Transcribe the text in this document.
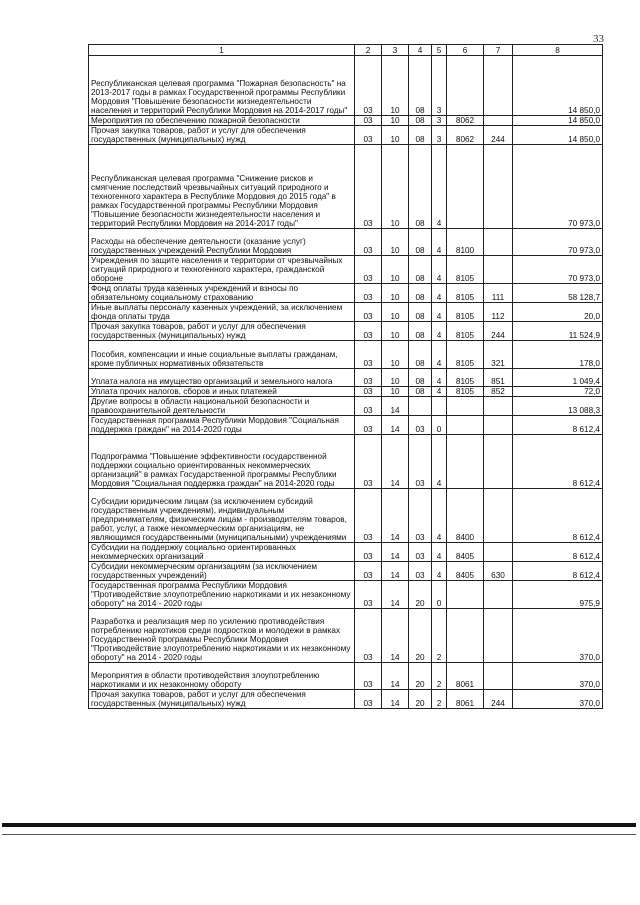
33
1	2	3	4	5	6	7	8
Республиканская целевая программа "Пожарная безопасность" на 2013-2017 годы в рамках Государственной программы Республики Мордовия "Повышение безопасности жизнедеятельности населения и территорий Республики Мордовия на 2014-2017 годы"	03	10	08	3			14 850,0
Мероприятия по обеспечению пожарной безопасности	03	10	08	3	8062		14 850,0
Прочая закупка товаров, работ и услуг для обеспечения государственных (муниципальных) нужд	03	10	08	3	8062	244	14 850,0
Республиканская целевая программа "Снижение рисков и смягчение последствий чрезвычайных ситуаций природного и техногенного характера в Республике Мордовия до 2015 года" в рамках Государственной программы Республики Мордовия "Повышение безопасности жизнедеятельности населения и территорий Республики Мордовия на 2014-2017 годы"	03	10	08	4			70 973,0
Расходы на обеспечение деятельности (оказание услуг) государственных учреждений Республики Мордовия	03	10	08	4	8100		70 973,0
Учреждения по защите населения и территории от чрезвычайных ситуаций природного и техногенного характера, гражданской обороне	03	10	08	4	8105		70 973,0
Фонд оплаты труда казенных учреждений и взносы по обязательному социальному страхованию	03	10	08	4	8105	111	58 128,7
Иные выплаты персоналу казенных учреждений, за исключением фонда оплаты труда	03	10	08	4	8105	112	20,0
Прочая закупка товаров, работ и услуг для обеспечения государственных (муниципальных) нужд	03	10	08	4	8105	244	11 524,9
Пособия, компенсации и иные социальные выплаты гражданам, кроме публичных нормативных обязательств	03	10	08	4	8105	321	178,0
Уплата налога на имущество организаций и земельного налога	03	10	08	4	8105	851	1 049,4
Уплата прочих налогов, сборов и иных платежей	03	10	08	4	8105	852	72,0
Другие вопросы в области национальной безопасности и правоохранительной деятельности	03	14					13 088,3
Государственная программа Республики Мордовия "Социальная поддержка граждан" на 2014-2020 годы	03	14	03	0			8 612,4
Подпрограмма "Повышение эффективности государственной поддержки социально ориентированных некоммерческих организаций" в рамках Государственной программы Республики Мордовия "Социальная поддержка граждан" на 2014-2020 годы	03	14	03	4			8 612,4
Субсидии юридическим лицам (за исключением субсидий государственным учреждениям), индивидуальным предпринимателям, физическим лицам - производителям товаров, работ, услуг, а также некоммерческим организациям, не являющимся государственными (муниципальными) учреждениями	03	14	03	4	8400		8 612,4
Субсидии на поддержку социально ориентированных некоммерческих организаций	03	14	03	4	8405		8 612,4
Субсидии некоммерческим организациям (за исключением государственных учреждений)	03	14	03	4	8405	630	8 612,4
Государственная программа Республики Мордовия "Противодействие злоупотреблению наркотиками и их незаконному обороту" на 2014 - 2020 годы	03	14	20	0			975,9
Разработка и реализация мер по усилению противодействия потреблению наркотиков среди подростков и молодежи в рамках Государственной программы Республики Мордовия "Противодействие злоупотреблению наркотиками и их незаконному обороту" на 2014 - 2020 годы	03	14	20	2			370,0
Мероприятия в области противодействия злоупотреблению наркотиками и их незаконному обороту	03	14	20	2	8061		370,0
Прочая закупка товаров, работ и услуг для обеспечения государственных (муниципальных) нужд	03	14	20	2	8061	244	370,0
